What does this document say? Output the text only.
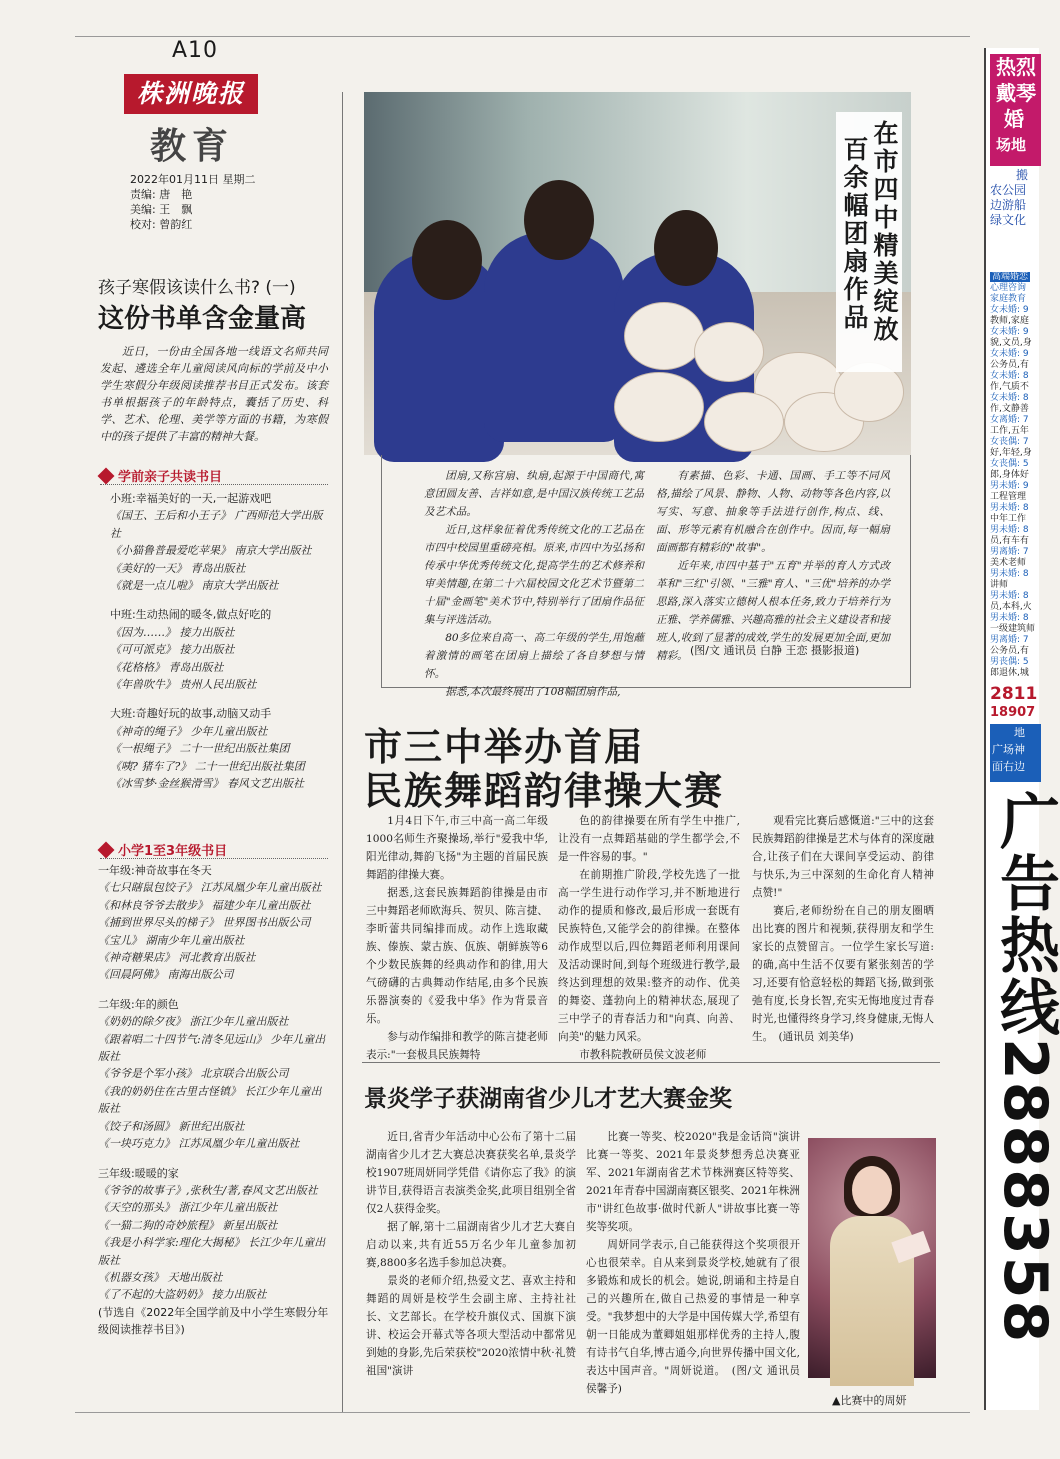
A10
株洲晚报
教育
2022年01月11日 星期二
责编: 唐　艳
美编: 王　飘
校对: 曾韵红
孩子寒假该读什么书? (一)
这份书单含金量高
近日，一份由全国各地一线语文名师共同发起、遴选全年儿童阅读风向标的学前及中小学生寒假分年级阅读推荐书目正式发布。该套书单根据孩子的年龄特点，囊括了历史、科学、艺术、伦理、美学等方面的书籍，为寒假中的孩子提供了丰富的精神大餐。
学前亲子共读书目
小班:幸福美好的一天,一起游戏吧
《国王、王后和小王子》 广西师范大学出版社
《小猫鲁普最爱吃苹果》 南京大学出版社
《美好的一天》 青岛出版社
《就是一点儿啦》 南京大学出版社
中班:生动热闹的暖冬,做点好吃的
《因为……》 接力出版社
《可可派克》 接力出版社
《花格格》 青岛出版社
《年兽吹牛》 贵州人民出版社
大班:奇趣好玩的故事,动脑又动手
《神奇的绳子》 少年儿童出版社
《一根绳子》 二十一世纪出版社集团
《咦? 猪车了?》 二十一世纪出版社集团
《冰雪梦·金丝猴滑雪》 春风文艺出版社
小学1至3年级书目
一年级:神奇故事在冬天
《七只瞎鼠包饺子》 江苏凤凰少年儿童出版社
《和林良爷爷去散步》 福建少年儿童出版社
《捕到世界尽头的梯子》 世界图书出版公司
《宝儿》 湖南少年儿童出版社
《神奇糖果店》 河北教育出版社
《回晨阿佛》 南海出版公司
二年级:年的颜色
《奶奶的除夕夜》 浙江少年儿童出版社
《跟着唱二十四节气:清冬见远山》 少年儿童出版社
《爷爷是个军小孩》 北京联合出版公司
《我的奶奶住在古里古怪镇》 长江少年儿童出版社
《饺子和汤圆》 新世纪出版社
《一块巧克力》 江苏凤凰少年儿童出版社
三年级:暖暖的家
《爷爷的故事子》,张秋生/著,春风文艺出版社
《天空的那头》 浙江少年儿童出版社
《一猫二狗的奇妙旅程》 新星出版社
《我是小科学家:理化大揭秘》 长江少年儿童出版社
《机器女孩》 天地出版社
《了不起的大盗奶奶》 接力出版社
(节选自《2022年全国学前及中小学生寒假分年级阅读推荐书目》)
在市四中精美绽放
百余幅团扇作品

团扇,又称宫扇、纨扇,起源于中国商代,寓意团圆友善、吉祥如意,是中国汉族传统工艺品及艺术品。

近日,这样象征着优秀传统文化的工艺品在市四中校园里重磅亮相。原来,市四中为弘扬和传承中华优秀传统文化,提高学生的艺术修养和审美情趣,在第二十六届校园文化艺术节暨第二十届"金画笔"美术节中,特别举行了团扇作品征集与评选活动。

80多位来自高一、高二年级的学生,用饱蘸着激情的画笔在团扇上描绘了各自梦想与情怀。

据悉,本次最终展出了108幅团扇作品,

有素描、色彩、卡通、国画、手工等不同风格,描绘了风景、静物、人物、动物等各色内容,以写实、写意、抽象等手法进行创作,构点、线、面、形等元素有机融合在创作中。因而,每一幅扇面画都有精彩的"故事"。

近年来,市四中基于"五育"并举的育人方式改革和"三红"引领、"三雅"育人、"三优"培养的办学思路,深入落实立德树人根本任务,致力于培养行为正雅、学养儒雅、兴趣高雅的社会主义建设者和接班人,收到了显著的成效,学生的发展更加全面,更加精彩。 (图/文 通讯员 白静 王恋 摄影报道)
市三中举办首届
民族舞蹈韵律操大赛

1月4日下午,市三中高一高二年级1000名师生齐聚操场,举行"爱我中华,阳光律动,舞韵飞扬"为主题的首届民族舞蹈韵律操大赛。

据悉,这套民族舞蹈韵律操是由市三中舞蹈老师欧海兵、贺贝、陈言捷、李昕蕾共同编排而成。动作上选取藏族、傣族、蒙古族、佤族、朝鲜族等6个少数民族舞的经典动作和韵律,用大气磅礴的古典舞动作结尾,由多个民族乐器演奏的《爱我中华》作为背景音乐。

参与动作编排和教学的陈言捷老师表示:"一套极具民族舞特

色的韵律操要在所有学生中推广,让没有一点舞蹈基础的学生都学会,不是一件容易的事。"

在前期推广阶段,学校先选了一批高一学生进行动作学习,并不断地进行动作的提质和修改,最后形成一套既有民族特色,又能学会的韵律操。在整体动作成型以后,四位舞蹈老师利用课间及活动课时间,到每个班级进行教学,最终达到理想的效果:整齐的动作、优美的舞姿、蓬勃向上的精神状态,展现了三中学子的青春活力和"向真、向善、向美"的魅力风采。

市教科院教研员侯文波老师

观看完比赛后感慨道:"三中的这套民族舞蹈韵律操是艺术与体育的深度融合,让孩子们在大课间享受运动、韵律与快乐,为三中深刻的生命化育人精神点赞!"

赛后,老师纷纷在自己的朋友圈晒出比赛的图片和视频,获得朋友和学生家长的点赞留言。一位学生家长写道:的确,高中生活不仅要有紧张刻苦的学习,还要有恰意轻松的舞蹈飞扬,做到张弛有度,长身长智,充实无悔地度过青春时光,也懂得终身学习,终身健康,无悔人生。　(通讯员 刘美华)

景炎学子获湖南省少儿才艺大赛金奖

近日,省青少年活动中心公布了第十二届湖南省少儿才艺大赛总决赛获奖名单,景炎学校1907班周妍同学凭借《请你忘了我》的演讲节目,获得语言表演类金奖,此项目组别全省仅2人获得金奖。

据了解,第十二届湖南省少儿才艺大赛自启动以来,共有近55万名少年儿童参加初赛,8800多名选手参加总决赛。

景炎的老师介绍,热爱文艺、喜欢主持和舞蹈的周妍是校学生会副主席、主持社社长、文艺部长。在学校升旗仪式、国旗下演讲、校运会开幕式等各项大型活动中都常见到她的身影,先后荣获校"2020浓情中秋·礼赞祖国"演讲

比赛一等奖、校2020"我是金话筒"演讲比赛一等奖、2021年景炎梦想秀总决赛亚军、2021年湖南省艺术节株洲赛区特等奖、2021年青春中国湖南赛区银奖、2021年株洲市"讲红色故事·做时代新人"讲故事比赛一等奖等奖项。

周妍同学表示,自己能获得这个奖项很开心也很荣幸。自从来到景炎学校,她就有了很多锻炼和成长的机会。她说,朗诵和主持是自己的兴趣所在,做自己热爱的事情是一种享受。"我梦想中的大学是中国传媒大学,希望有朝一日能成为董卿姐姐那样优秀的主持人,腹有诗书气自华,博古通今,向世界传播中国文化,表达中国声音。"周妍说道。　(图/文 通讯员 侯馨予)

▲比赛中的周妍
热烈
戴琴
婚
场地
搬
农公园
边游船
绿文化
高端婚恋
心理咨询
家庭教育
女未婚: 9
教师,家庭
女未婚: 9
貌,文员,身
女未婚: 9
公务员,有
女未婚: 8
作,气质不
女未婚: 8
作,文静善
女离婚: 7
工作,五年
女丧偶: 7
好,年轻,身
女丧偶: 5
郎,身体好
男未婚: 9
工程管理
男未婚: 8
中年工作
男未婚: 8
员,有车有
男离婚: 7
美术老师
男未婚: 8
讲师
男未婚: 8
员,本科,火
男未婚: 8
一级建筑师
男离婚: 7
公务员,有
男丧偶: 5
郎退休,城
2811
18907
地
广场神
面右边
广告热线2888358
